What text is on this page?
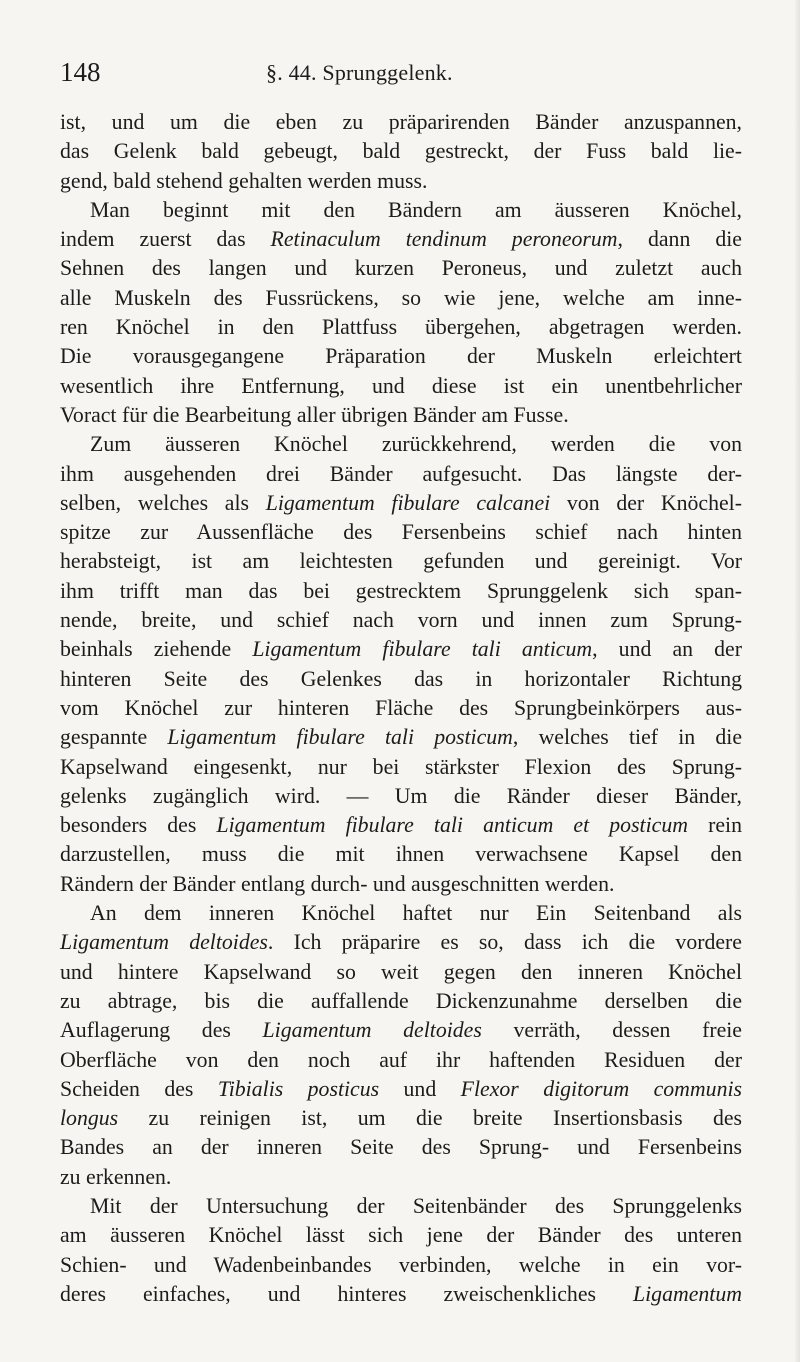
148	§. 44. Sprunggelenk.
ist, und um die eben zu präparirenden Bänder anzuspannen,
das Gelenk bald gebeugt, bald gestreckt, der Fuss bald lie-
gend, bald stehend gehalten werden muss.
Man beginnt mit den Bändern am äusseren Knöchel,
indem zuerst das Retinaculum tendinum peroneorum, dann die
Sehnen des langen und kurzen Peroneus, und zuletzt auch
alle Muskeln des Fussrückens, so wie jene, welche am inne-
ren Knöchel in den Plattfuss übergehen, abgetragen werden.
Die vorausgegangene Präparation der Muskeln erleichtert
wesentlich ihre Entfernung, und diese ist ein unentbehrlicher
Voract für die Bearbeitung aller übrigen Bänder am Fusse.
Zum äusseren Knöchel zurückkehrend, werden die von
ihm ausgehenden drei Bänder aufgesucht. Das längste der-
selben, welches als Ligamentum fibulare calcanei von der Knöchel-
spitze zur Aussenfläche des Fersenbeins schief nach hinten
herabsteigt, ist am leichtesten gefunden und gereinigt. Vor
ihm trifft man das bei gestrecktem Sprunggelenk sich span-
nende, breite, und schief nach vorn und innen zum Sprung-
beinhals ziehende Ligamentum fibulare tali anticum, und an der
hinteren Seite des Gelenkes das in horizontaler Richtung
vom Knöchel zur hinteren Fläche des Sprungbeinkörpers aus-
gespannte Ligamentum fibulare tali posticum, welches tief in die
Kapselwand eingesenkt, nur bei stärkster Flexion des Sprung-
gelenks zugänglich wird. — Um die Ränder dieser Bänder,
besonders des Ligamentum fibulare tali anticum et posticum rein
darzustellen, muss die mit ihnen verwachsene Kapsel den
Rändern der Bänder entlang durch- und ausgeschnitten werden.
An dem inneren Knöchel haftet nur Ein Seitenband als
Ligamentum deltoides. Ich präparire es so, dass ich die vordere
und hintere Kapselwand so weit gegen den inneren Knöchel
zu abtrage, bis die auffallende Dickenzunahme derselben die
Auflagerung des Ligamentum deltoides verräth, dessen freie
Oberfläche von den noch auf ihr haftenden Residuen der
Scheiden des Tibialis posticus und Flexor digitorum communis
longus zu reinigen ist, um die breite Insertionsbasis des
Bandes an der inneren Seite des Sprung- und Fersenbeins
zu erkennen.
Mit der Untersuchung der Seitenbänder des Sprunggelenks
am äusseren Knöchel lässt sich jene der Bänder des unteren
Schien- und Wadenbeinbandes verbinden, welche in ein vor-
deres einfaches, und hinteres zweischenkliches Ligamentum
